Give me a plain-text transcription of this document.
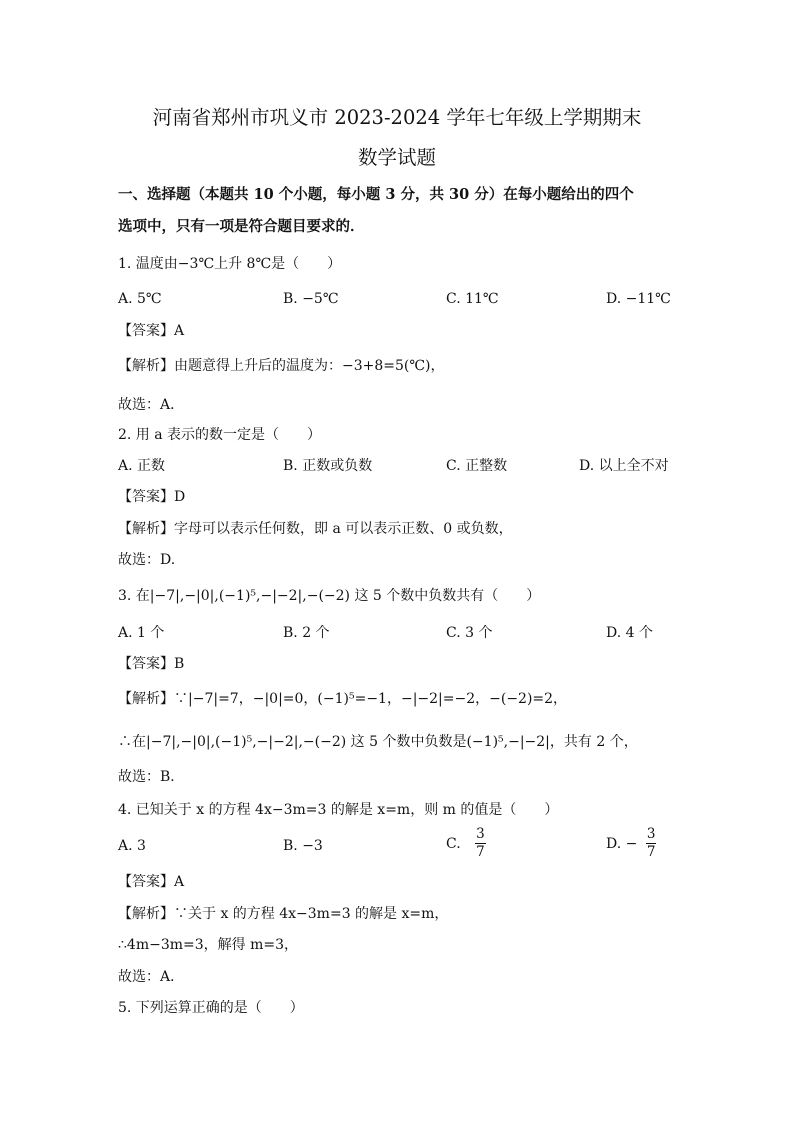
河南省郑州市巩义市 2023-2024 学年七年级上学期期末
数学试题
一、选择题（本题共 10 个小题，每小题 3 分，共 30 分）在每小题给出的四个
选项中，只有一项是符合题目要求的．
1. 温度由−3℃上升 8℃是（　　）
A. 5℃	B. −5℃	C. 11℃	D. −11℃
【答案】A
【解析】由题意得上升后的温度为：−3+8=5(℃)，
故选：A．
2. 用 a 表示的数一定是（　　）
A. 正数	B. 正数或负数	C. 正整数	D. 以上全不对
【答案】D
【解析】字母可以表示任何数，即 a 可以表示正数、0 或负数，
故选：D.
3. 在|−7|,−|0|,(−1)⁵,−|−2|,−(−2) 这 5 个数中负数共有（　　）
A. 1 个	B. 2 个	C. 3 个	D. 4 个
【答案】B
【解析】∵|−7|=7，−|0|=0，(−1)⁵=−1，−|−2|=−2，−(−2)=2，
∴在|−7|,−|0|,(−1)⁵,−|−2|,−(−2) 这 5 个数中负数是(−1)⁵,−|−2|，共有 2 个，
故选：B．
4. 已知关于 x 的方程 4x−3m=3 的解是 x=m，则 m 的值是（　　）
A. 3	B. −3	C. $\frac{3}{7}$	D. − $\frac{3}{7}$
【答案】A
【解析】∵关于 x 的方程 4x−3m=3 的解是 x=m，
∴4m−3m=3，解得 m=3，
故选：A．
5. 下列运算正确的是（　　）
